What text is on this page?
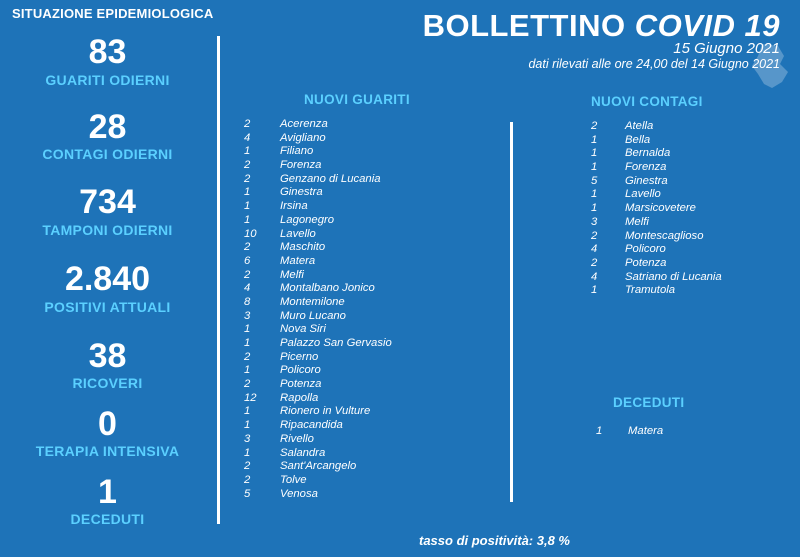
SITUAZIONE EPIDEMIOLOGICA
83
GUARITI ODIERNI
28
CONTAGI ODIERNI
734
TAMPONI ODIERNI
2.840
POSITIVI ATTUALI
38
RICOVERI
0
TERAPIA INTENSIVA
1
DECEDUTI
BOLLETTINO COVID 19
15 Giugno 2021
dati rilevati alle ore 24,00 del 14 Giugno 2021
NUOVI GUARITI	NUOVI CONTAGI
DECEDUTI
2	Acerenza
4	Avigliano
1	Filiano
2	Forenza
2	Genzano di Lucania
1	Ginestra
1	Irsina
1	Lagonegro
10 Lavello
2	Maschito
6	Matera
2	Melfi
4	Montalbano Jonico
8	Montemilone
3	Muro Lucano
1	Nova Siri
1	Palazzo San Gervasio
2	Picerno
1	Policoro
2	Potenza
12 Rapolla
1	Rionero in Vulture
1	Ripacandida
3	Rivello
1	Salandra
2	Sant'Arcangelo
2	Tolve
5	Venosa
2 Atella
1 Bella
1 Bernalda
1 Forenza
5 Ginestra
1 Lavello
1 Marsicovetere
3 Melfi
2 Montescaglioso
4 Policoro
2 Potenza
4 Satriano di Lucania
1 Tramutola
1 Matera
tasso di positività: 3,8 %
